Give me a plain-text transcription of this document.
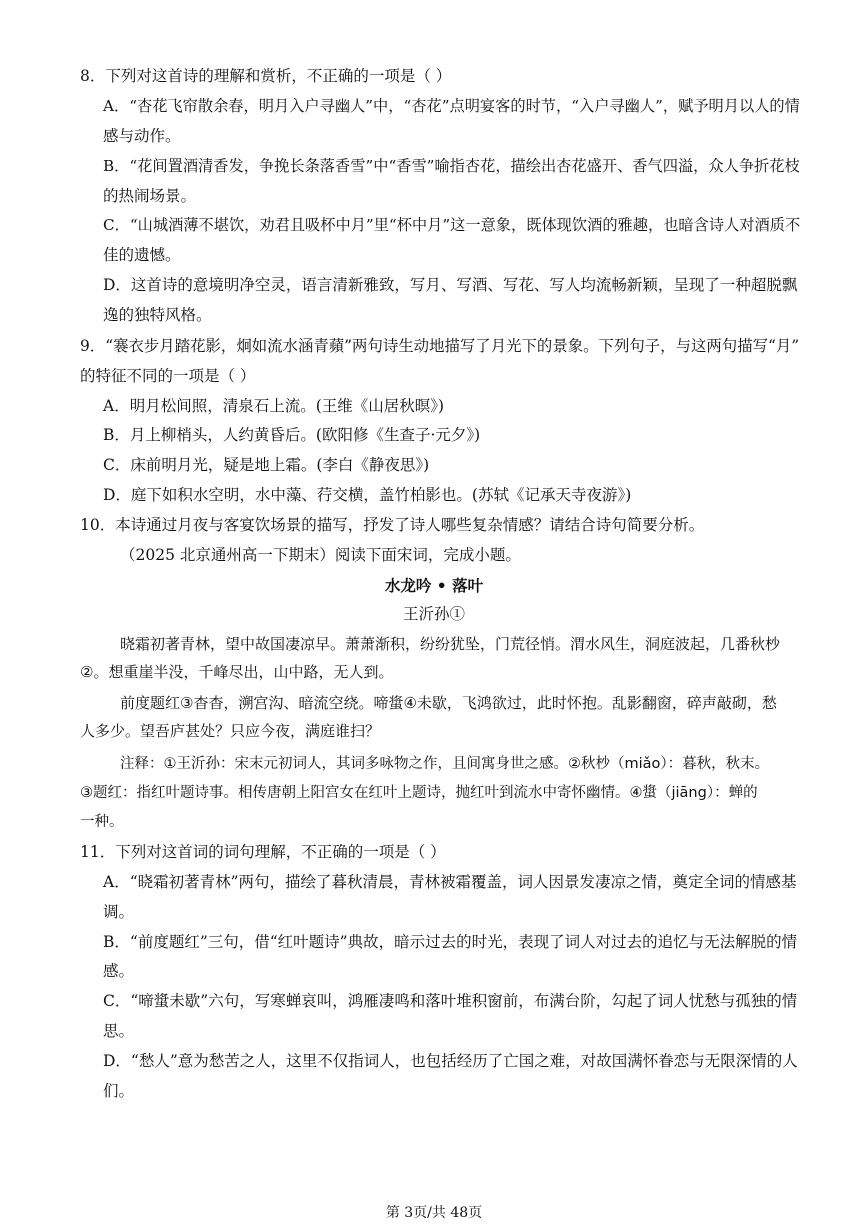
8．下列对这首诗的理解和赏析，不正确的一项是（ ）
A．“杏花飞帘散余春，明月入户寻幽人”中，“杏花”点明宴客的时节，“入户寻幽人”，赋予明月以人的情
感与动作。
B．“花间置酒清香发，争挽长条落香雪”中“香雪”喻指杏花，描绘出杏花盛开、香气四溢，众人争折花枝
的热闹场景。
C．“山城酒薄不堪饮，劝君且吸杯中月”里“杯中月”这一意象，既体现饮酒的雅趣，也暗含诗人对酒质不
佳的遗憾。
D．这首诗的意境明净空灵，语言清新雅致，写月、写酒、写花、写人均流畅新颖，呈现了一种超脱飘
逸的独特风格。
9．“褰衣步月踏花影，炯如流水涵青蘋”两句诗生动地描写了月光下的景象。下列句子，与这两句描写“月”
的特征不同的一项是（ ）
A．明月松间照，清泉石上流。(王维《山居秋暝》)
B．月上柳梢头，人约黄昏后。(欧阳修《生查子·元夕》)
C．床前明月光，疑是地上霜。(李白《静夜思》)
D．庭下如积水空明，水中藻、荇交横，盖竹柏影也。(苏轼《记承天寺夜游》)
10．本诗通过月夜与客宴饮场景的描写，抒发了诗人哪些复杂情感？请结合诗句简要分析。
（2025 北京通州高一下期末）阅读下面宋词，完成小题。
水龙吟 • 落叶
王沂孙①
晓霜初著青林，望中故国凄凉早。萧萧渐积，纷纷犹坠，门荒径悄。渭水风生，洞庭波起，几番秋杪
②。想重崖半没，千峰尽出，山中路，无人到。
前度题红③杳杳，溯宫沟、暗流空绕。啼螀④未歇，飞鸿欲过，此时怀抱。乱影翻窗，碎声敲砌，愁
人多少。望吾庐甚处？只应今夜，满庭谁扫？
注释：①王沂孙：宋末元初词人，其词多咏物之作，且间寓身世之感。②秋杪（miǎo）：暮秋，秋末。
③题红：指红叶题诗事。相传唐朝上阳宫女在红叶上题诗，抛红叶到流水中寄怀幽情。④螀（jiāng）：蝉的
一种。
11．下列对这首词的词句理解，不正确的一项是（ ）
A．“晓霜初著青林”两句，描绘了暮秋清晨，青林被霜覆盖，词人因景发凄凉之情，奠定全词的情感基
调。
B．“前度题红”三句，借“红叶题诗”典故，暗示过去的时光，表现了词人对过去的追忆与无法解脱的情
感。
C．“啼螀未歇”六句，写寒蝉哀叫，鸿雁凄鸣和落叶堆积窗前，布满台阶，勾起了词人忧愁与孤独的情
思。
D．“愁人”意为愁苦之人，这里不仅指词人，也包括经历了亡国之难，对故国满怀眷恋与无限深情的人
们。
第 3页/共 48页
